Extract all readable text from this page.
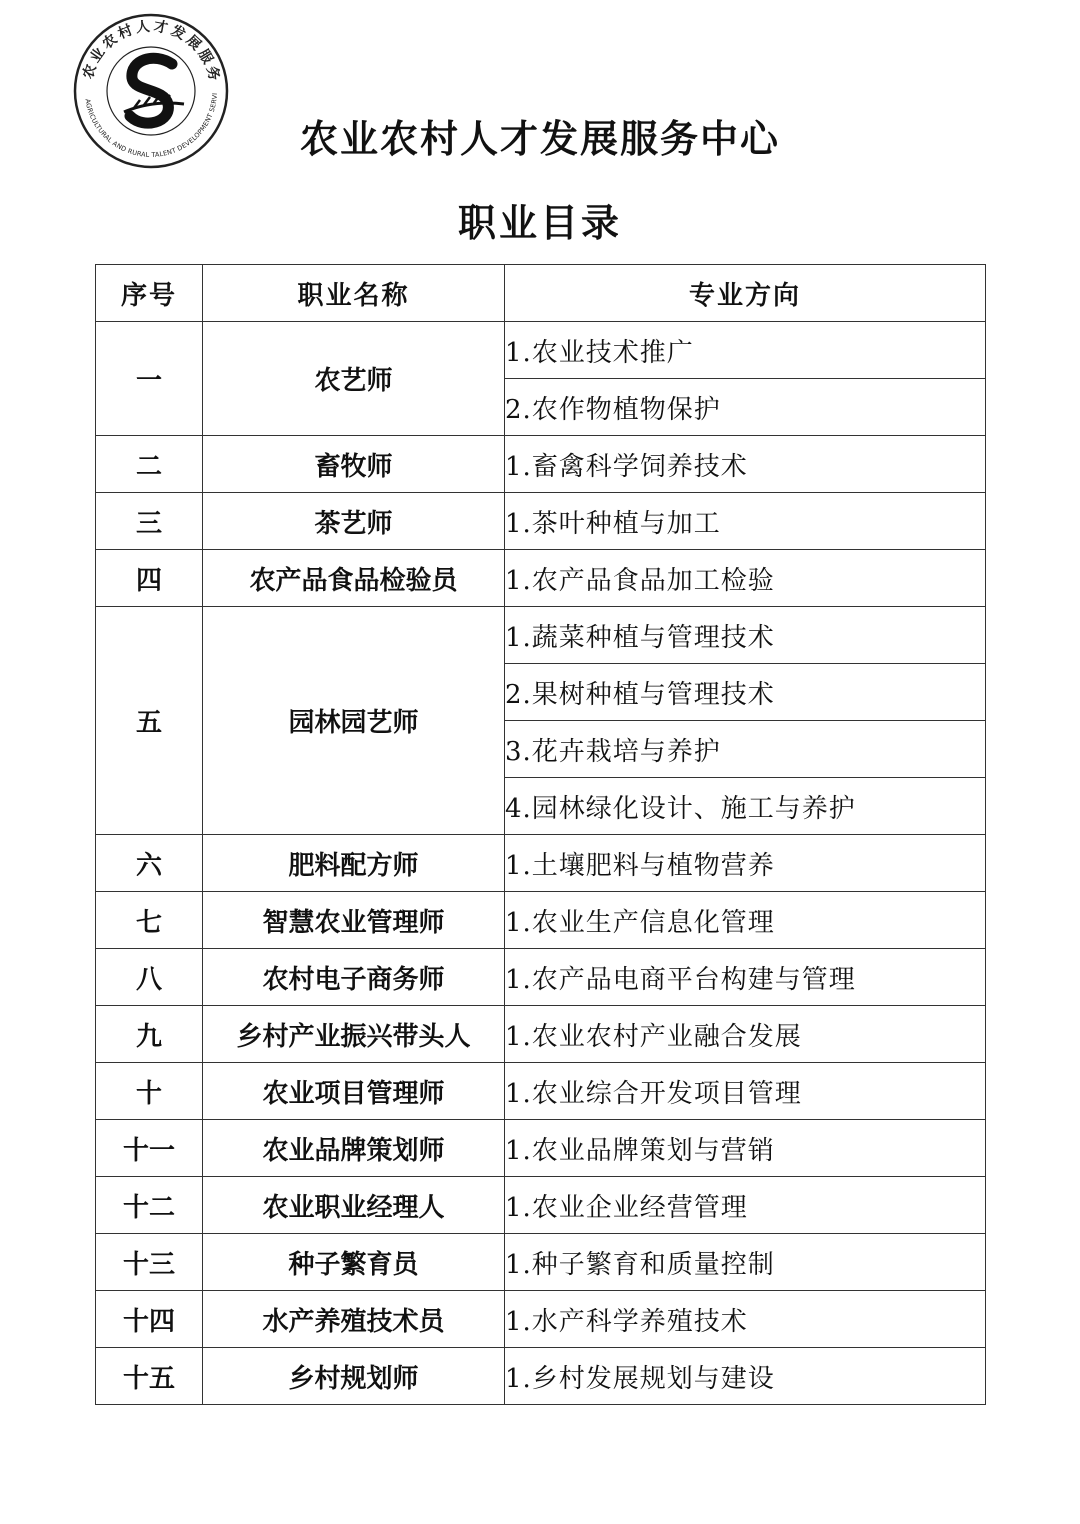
农业农村人才发展服务
AGRICULTURAL AND RURAL TALENT DEVELOPMENT SERVI
农业农村人才发展服务中心
职业目录
序号	职业名称	专业方向
一	农艺师	1.农业技术推广
		2.农作物植物保护
二	畜牧师	1.畜禽科学饲养技术
三	茶艺师	1.茶叶种植与加工
四	农产品食品检验员	1.农产品食品加工检验
五	园林园艺师	1.蔬菜种植与管理技术
		2.果树种植与管理技术
		3.花卉栽培与养护
		4.园林绿化设计、施工与养护
六	肥料配方师	1.土壤肥料与植物营养
七	智慧农业管理师	1.农业生产信息化管理
八	农村电子商务师	1.农产品电商平台构建与管理
九	乡村产业振兴带头人	1.农业农村产业融合发展
十	农业项目管理师	1.农业综合开发项目管理
十一	农业品牌策划师	1.农业品牌策划与营销
十二	农业职业经理人	1.农业企业经营管理
十三	种子繁育员	1.种子繁育和质量控制
十四	水产养殖技术员	1.水产科学养殖技术
十五	乡村规划师	1.乡村发展规划与建设
